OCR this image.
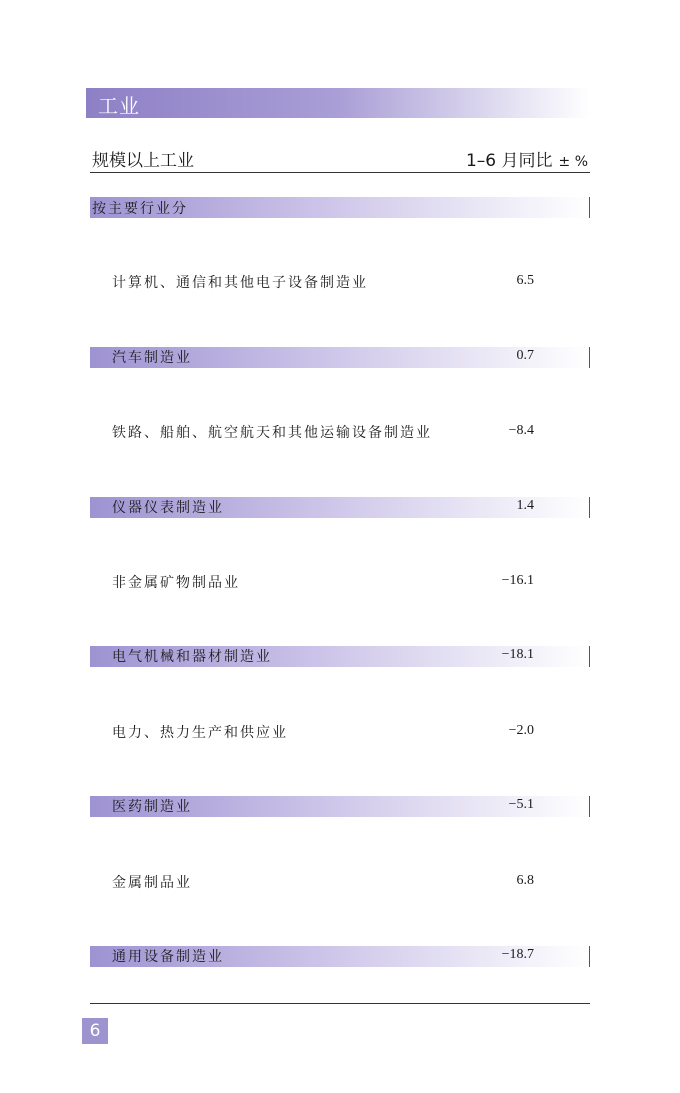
工业
规模以上工业	1–6 月同比 ± %
按主要行业分
计算机、通信和其他电子设备制造业	6.5
汽车制造业	0.7
铁路、船舶、航空航天和其他运输设备制造业	−8.4
仪器仪表制造业	1.4
非金属矿物制品业	−16.1
电气机械和器材制造业	−18.1
电力、热力生产和供应业	−2.0
医药制造业	−5.1
金属制品业	6.8
通用设备制造业	−18.7
6
